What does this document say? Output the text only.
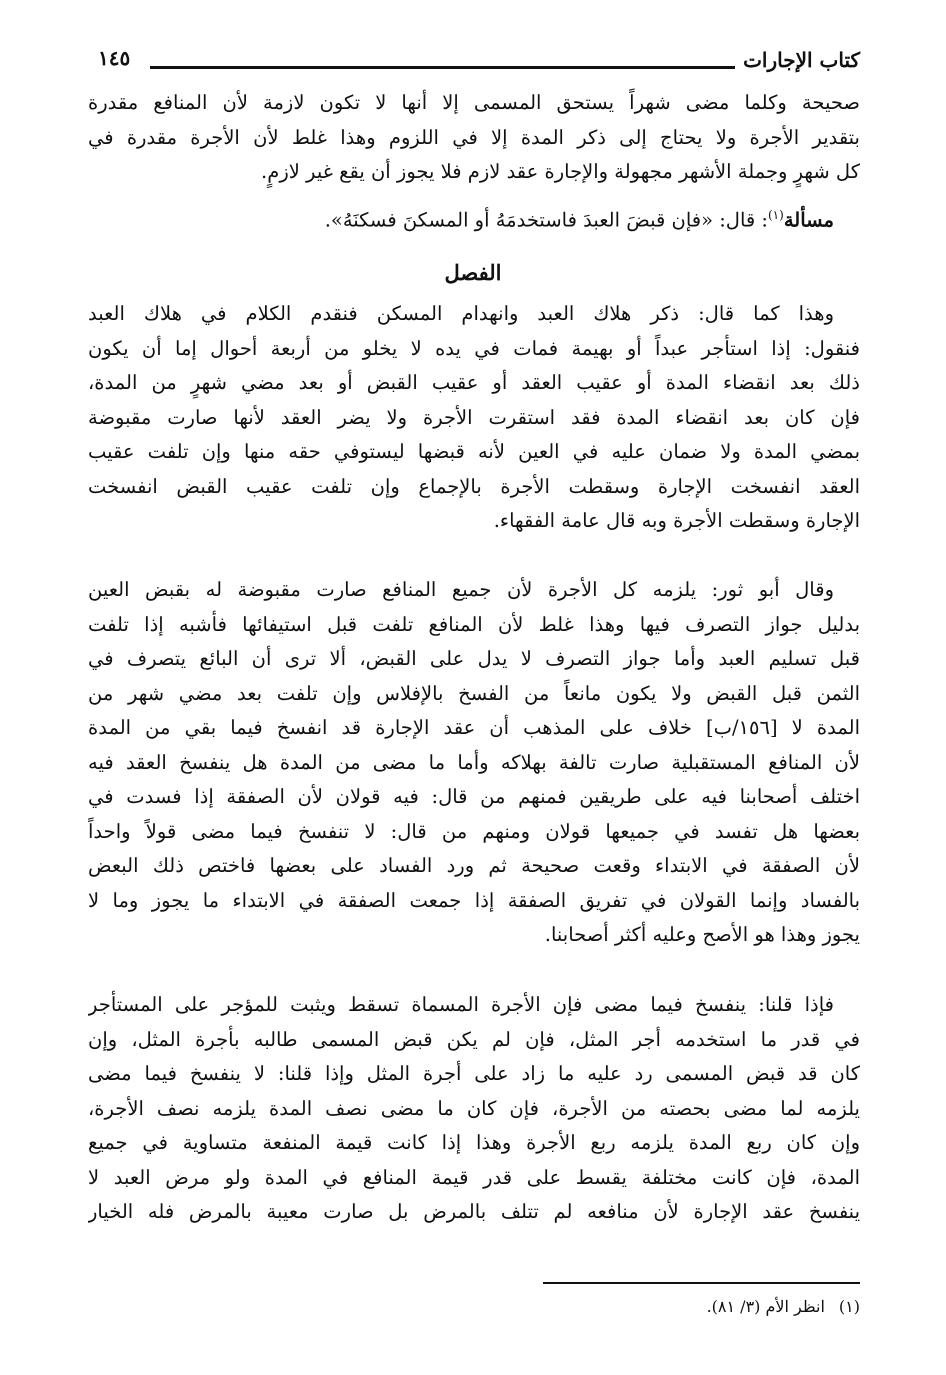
كتاب الإجارات
١٤٥
صحيحة وكلما مضى شهراً يستحق المسمى إلا أنها لا تكون لازمة لأن المنافع مقدرة
بتقدير الأجرة ولا يحتاج إلى ذكر المدة إلا في اللزوم وهذا غلط لأن الأجرة مقدرة في
كل شهرٍ وجملة الأشهر مجهولة والإجارة عقد لازم فلا يجوز أن يقع غير لازمٍ.
مسألة$^{(١)}$: قال: «فإن قبضَ العبدَ فاستخدمَهُ أو المسكنَ فسكنَهُ».
الفصل
وهذا كما قال: ذكر هلاك العبد وانهدام المسكن فنقدم الكلام في هلاك العبد
فنقول: إذا استأجر عبداً أو بهيمة فمات في يده لا يخلو من أربعة أحوال إما أن يكون
ذلك بعد انقضاء المدة أو عقيب العقد أو عقيب القبض أو بعد مضي شهرٍ من المدة،
فإن كان بعد انقضاء المدة فقد استقرت الأجرة ولا يضر العقد لأنها صارت مقبوضة
بمضي المدة ولا ضمان عليه في العين لأنه قبضها ليستوفي حقه منها وإن تلفت عقيب
العقد انفسخت الإجارة وسقطت الأجرة بالإجماع وإن تلفت عقيب القبض انفسخت
الإجارة وسقطت الأجرة وبه قال عامة الفقهاء.
وقال أبو ثور: يلزمه كل الأجرة لأن جميع المنافع صارت مقبوضة له بقبض العين
بدليل جواز التصرف فيها وهذا غلط لأن المنافع تلفت قبل استيفائها فأشبه إذا تلفت
قبل تسليم العبد وأما جواز التصرف لا يدل على القبض، ألا ترى أن البائع يتصرف في
الثمن قبل القبض ولا يكون مانعاً من الفسخ بالإفلاس وإن تلفت بعد مضي شهر من
المدة لا [١٥٦/ب] خلاف على المذهب أن عقد الإجارة قد انفسخ فيما بقي من المدة
لأن المنافع المستقبلية صارت تالفة بهلاكه وأما ما مضى من المدة هل ينفسخ العقد فيه
اختلف أصحابنا فيه على طريقين فمنهم من قال: فيه قولان لأن الصفقة إذا فسدت في
بعضها هل تفسد في جميعها قولان ومنهم من قال: لا تنفسخ فيما مضى قولاً واحداً
لأن الصفقة في الابتداء وقعت صحيحة ثم ورد الفساد على بعضها فاختص ذلك البعض
بالفساد وإنما القولان في تفريق الصفقة إذا جمعت الصفقة في الابتداء ما يجوز وما لا
يجوز وهذا هو الأصح وعليه أكثر أصحابنا.
فإذا قلنا: ينفسخ فيما مضى فإن الأجرة المسماة تسقط ويثبت للمؤجر على المستأجر
في قدر ما استخدمه أجر المثل، فإن لم يكن قبض المسمى طالبه بأجرة المثل، وإن
كان قد قبض المسمى رد عليه ما زاد على أجرة المثل وإذا قلنا: لا ينفسخ فيما مضى
يلزمه لما مضى بحصته من الأجرة، فإن كان ما مضى نصف المدة يلزمه نصف الأجرة،
وإن كان ربع المدة يلزمه ربع الأجرة وهذا إذا كانت قيمة المنفعة متساوية في جميع
المدة، فإن كانت مختلفة يقسط على قدر قيمة المنافع في المدة ولو مرض العبد لا
ينفسخ عقد الإجارة لأن منافعه لم تتلف بالمرض بل صارت معيبة بالمرض فله الخيار
(١)انظر الأم (٣/ ٨١).
